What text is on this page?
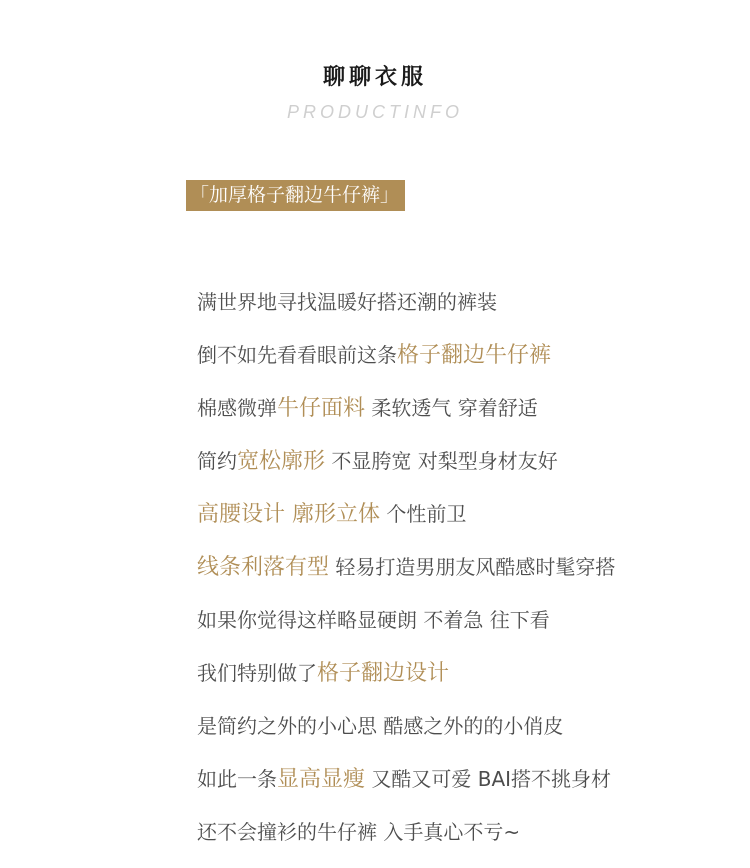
聊聊衣服
PRODUCTINFO
「加厚格子翻边牛仔裤」
满世界地寻找温暖好搭还潮的裤装
倒不如先看看眼前这条格子翻边牛仔裤
棉感微弹牛仔面料 柔软透气 穿着舒适
简约宽松廓形 不显胯宽 对梨型身材友好
高腰设计 廓形立体 个性前卫
线条利落有型 轻易打造男朋友风酷感时髦穿搭
如果你觉得这样略显硬朗 不着急 往下看
我们特别做了格子翻边设计
是简约之外的小心思 酷感之外的的小俏皮
如此一条显高显瘦 又酷又可爱 BAI搭不挑身材
还不会撞衫的牛仔裤 入手真心不亏~
